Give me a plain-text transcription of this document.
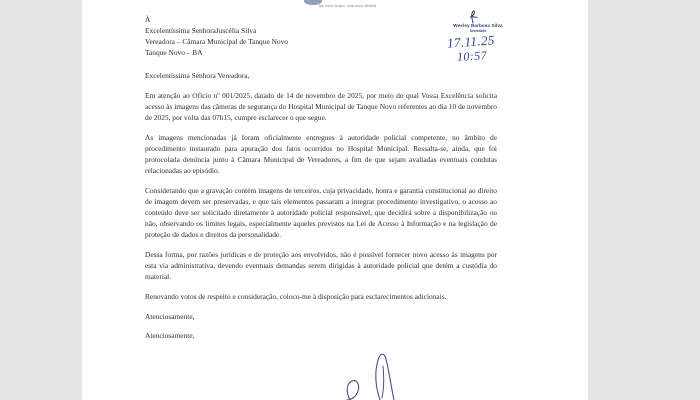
Um novo tempo, uma nova história.
À
Excelentíssima SenhoraJuscélia Silva
Vereadora – Câmara Municipal de Tanque Novo
Tanque Novo – BA

Excelentíssima Senhora Vereadora,

Em atenção ao Ofício nº 001/2025, datado de 14 de novembro de 2025, por meio do qual Vossa Excelência solicita acesso às imagens das câmeras de segurança do Hospital Municipal de Tanque Novo referentes ao dia 10 de novembro de 2025, por volta das 07h15, cumpre esclarecer o que segue.

As imagens mencionadas já foram oficialmente entregues à autoridade policial competente, no âmbito de procedimento instaurado para apuração dos fatos ocorridos no Hospital Municipal. Ressalta-se, ainda, que foi protocolada denúncia junto à Câmara Municipal de Vereadores, a fim de que sejam avaliadas eventuais condutas relacionadas ao episódio.

Considerando que a gravação contém imagens de terceiros, cuja privacidade, honra e garantia constitucional ao direito de imagem devem ser preservadas, e que tais elementos passaram a integrar procedimento investigativo, o acesso ao conteúdo deve ser solicitado diretamente à autoridade policial responsável, que decidirá sobre a disponibilização ou não, observando os limites legais, especialmente aqueles previstos na Lei de Acesso à Informação e na legislação de proteção de dados e direitos da personalidade.

Dessa forma, por razões jurídicas e de proteção aos envolvidos, não é possível fornecer novo acesso às imagens por esta via administrativa, devendo eventuais demandas serem dirigidas à autoridade policial que detém a custódia do material.

Renovando votos de respeito e consideração, coloco-me à disposição para esclarecimentos adicionais.

Atenciosamente,

Atenciosamente,

Wesley Barbosa Silva
Secretário
17.11.25
10:57
